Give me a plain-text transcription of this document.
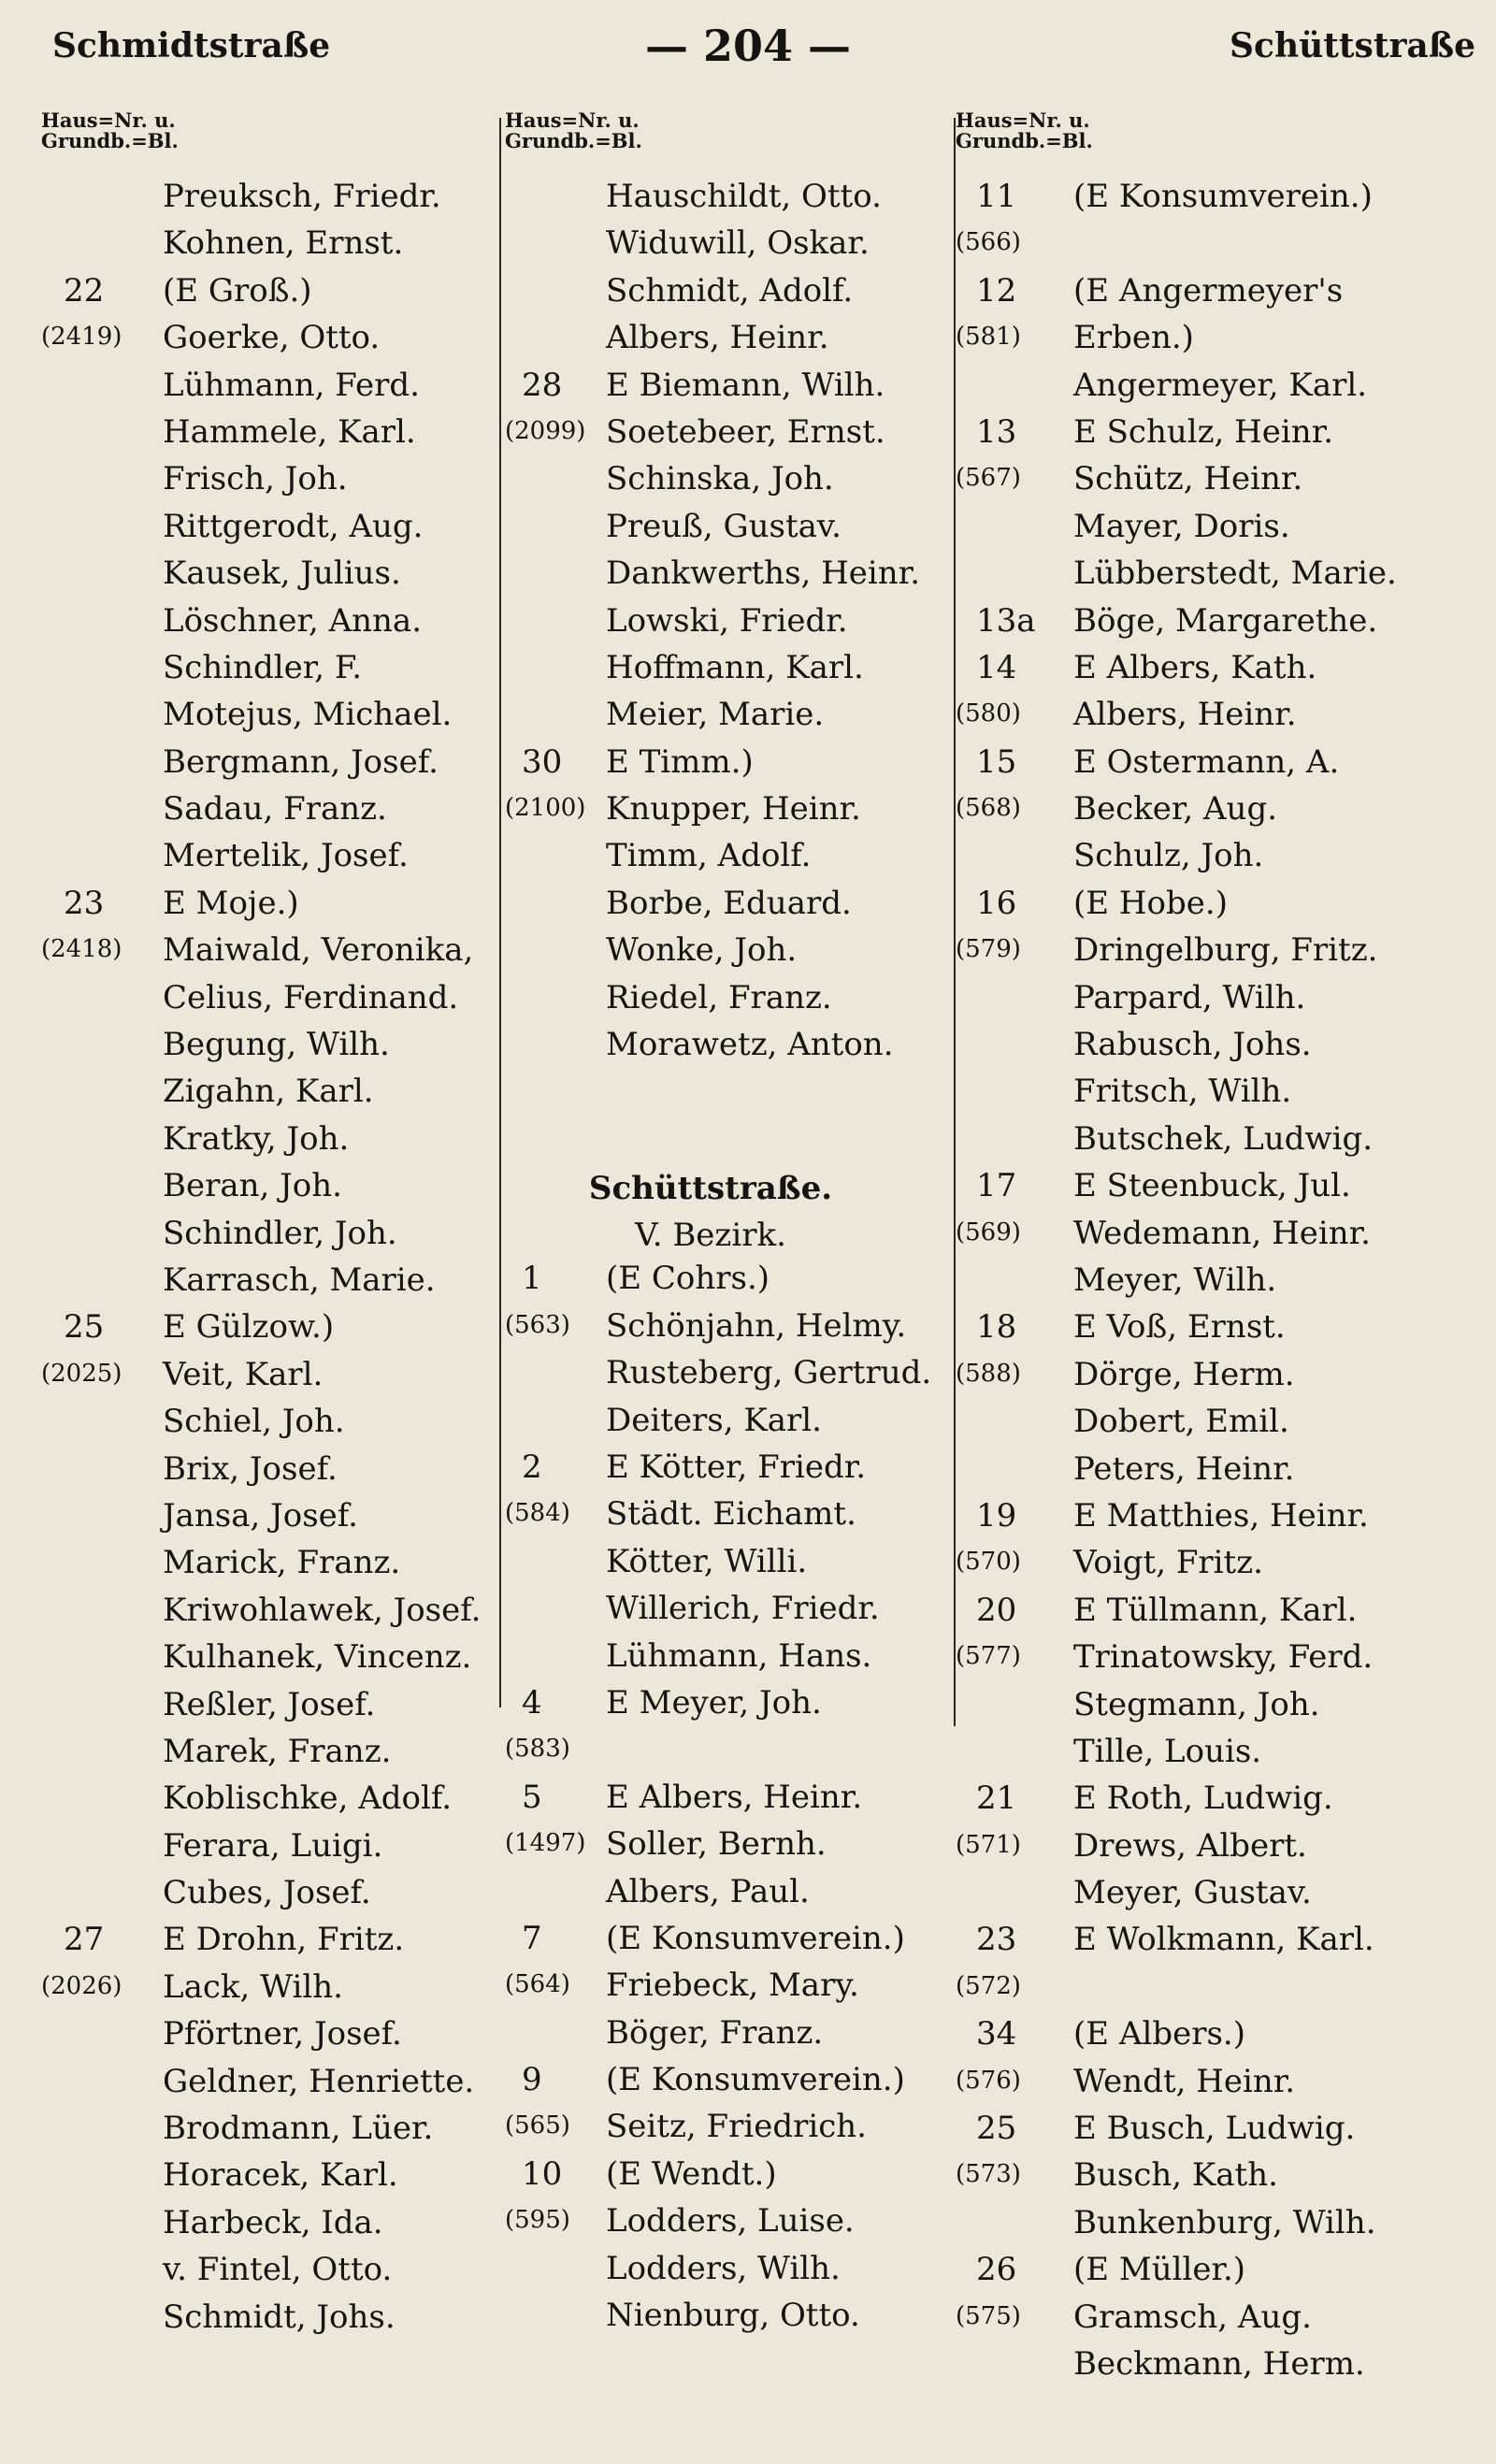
Schmidtstraße	— 204 —	Schüttstraße
Haus=Nr. u.
Grundb.=Bl.
Preuksch, Friedr.
Kohnen, Ernst.
22 (E Groß.)
(2419) Goerke, Otto.
Lühmann, Ferd.
Hammele, Karl.
Frisch, Joh.
Rittgerodt, Aug.
Kausek, Julius.
Löschner, Anna.
Schindler, F.
Motejus, Michael.
Bergmann, Josef.
Sadau, Franz.
Mertelik, Josef.
23 E Moje.)
(2418) Maiwald, Veronika,
Celius, Ferdinand.
Begung, Wilh.
Zigahn, Karl.
Kratky, Joh.
Beran, Joh.
Schindler, Joh.
Karrasch, Marie.
25 E Gülzow.)
(2025) Veit, Karl.
Schiel, Joh.
Brix, Josef.
Jansa, Josef.
Marick, Franz.
Kriwohlawek, Josef.
Kulhanek, Vincenz.
Reßler, Josef.
Marek, Franz.
Koblischke, Adolf.
Ferara, Luigi.
Cubes, Josef.
27 E Drohn, Fritz.
(2026) Lack, Wilh.
Pförtner, Josef.
Geldner, Henriette.
Brodmann, Lüer.
Horacek, Karl.
Harbeck, Ida.
v. Fintel, Otto.
Schmidt, Johs.
Haus=Nr. u.
Grundb.=Bl.
Hauschildt, Otto.
Widuwill, Oskar.
Schmidt, Adolf.
Albers, Heinr.
28 E Biemann, Wilh.
(2099) Soetebeer, Ernst.
Schinska, Joh.
Preuß, Gustav.
Dankwerths, Heinr.
Lowski, Friedr.
Hoffmann, Karl.
Meier, Marie.
30 E Timm.)
(2100) Knupper, Heinr.
Timm, Adolf.
Borbe, Eduard.
Wonke, Joh.
Riedel, Franz.
Morawetz, Anton.
Schüttstraße.
V. Bezirk.
1 (E Cohrs.)
(563) Schönjahn, Helmy.
Rusteberg, Gertrud.
Deiters, Karl.
2 E Kötter, Friedr.
(584) Städt. Eichamt.
Kötter, Willi.
Willerich, Friedr.
Lühmann, Hans.
4 E Meyer, Joh.
(583)
5 E Albers, Heinr.
(1497) Soller, Bernh.
Albers, Paul.
7 (E Konsumverein.)
(564) Friebeck, Mary.
Böger, Franz.
9 (E Konsumverein.)
(565) Seitz, Friedrich.
10 (E Wendt.)
(595) Lodders, Luise.
Lodders, Wilh.
Nienburg, Otto.
Haus=Nr. u.
Grundb.=Bl.
11 (E Konsumverein.)
(566)
12 (E Angermeyer's
(581) Erben.)
Angermeyer, Karl.
13 E Schulz, Heinr.
(567) Schütz, Heinr.
Mayer, Doris.
Lübberstedt, Marie.
13a Böge, Margarethe.
14 E Albers, Kath.
(580) Albers, Heinr.
15 E Ostermann, A.
(568) Becker, Aug.
Schulz, Joh.
16 (E Hobe.)
(579) Dringelburg, Fritz.
Parpard, Wilh.
Rabusch, Johs.
Fritsch, Wilh.
Butschek, Ludwig.
17 E Steenbuck, Jul.
(569) Wedemann, Heinr.
Meyer, Wilh.
18 E Voß, Ernst.
(588) Dörge, Herm.
Dobert, Emil.
Peters, Heinr.
19 E Matthies, Heinr.
(570) Voigt, Fritz.
20 E Tüllmann, Karl.
(577) Trinatowsky, Ferd.
Stegmann, Joh.
Tille, Louis.
21 E Roth, Ludwig.
(571) Drews, Albert.
Meyer, Gustav.
23 E Wolkmann, Karl.
(572)
34 (E Albers.)
(576) Wendt, Heinr.
25 E Busch, Ludwig.
(573) Busch, Kath.
Bunkenburg, Wilh.
26 (E Müller.)
(575) Gramsch, Aug.
Beckmann, Herm.
